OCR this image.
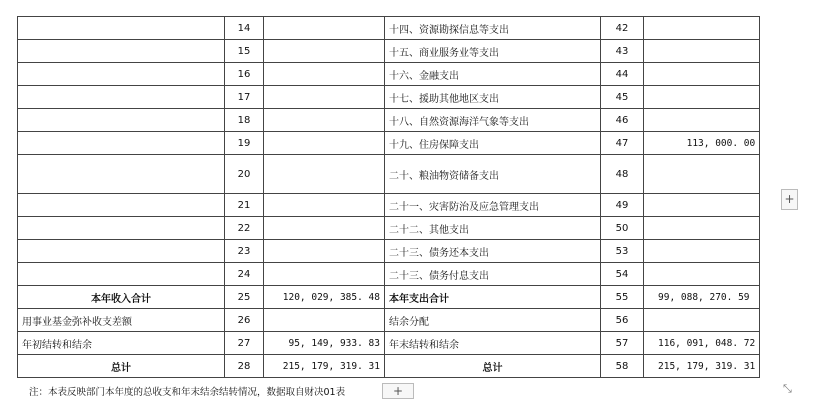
	14		十四、资源勘探信息等支出	42	
	15		十五、商业服务业等支出	43	
	16		十六、金融支出	44	
	17		十七、援助其他地区支出	45	
	18		十八、自然资源海洋气象等支出	46	
	19		十九、住房保障支出	47	113, 000. 00
	20		二十、粮油物资储备支出	48	
	21		二十一、灾害防治及应急管理支出	49	
	22		二十二、其他支出	50	
	23		二十三、债务还本支出	53	
	24		二十三、债务付息支出	54	
本年收入合计	25	120, 029, 385. 48	本年支出合计	55	99, 088, 270. 59
用事业基金弥补收支差额	26		结余分配	56	
年初结转和结余	27	95, 149, 933. 83	年末结转和结余	57	116, 091, 048. 72
总计	28	215, 179, 319. 31	总计	58	215, 179, 319. 31
注：本表反映部门本年度的总收支和年末结余结转情况，数据取自财决01表
+
+	⤡
